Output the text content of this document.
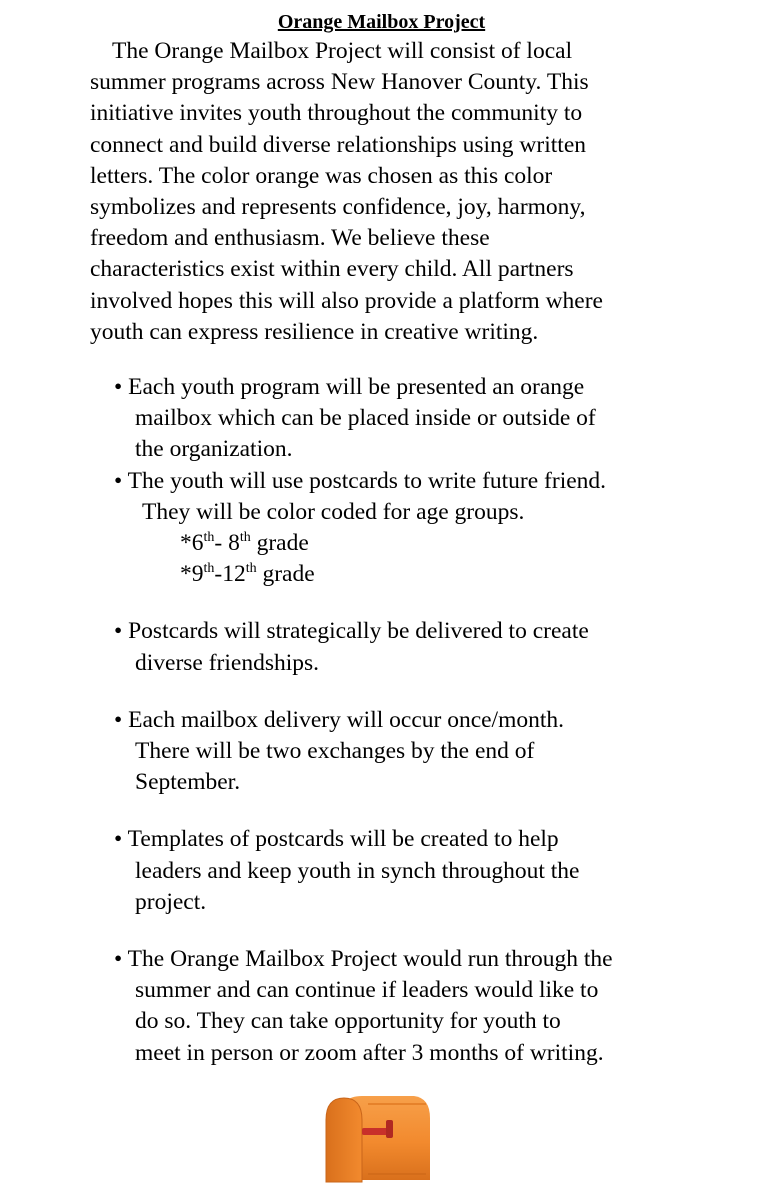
Orange Mailbox Project

The Orange Mailbox Project will consist of local
summer programs across New Hanover County. This
initiative invites youth throughout the community to
connect and build diverse relationships using written
letters. The color orange was chosen as this color
symbolizes and represents confidence, joy, harmony,
freedom and enthusiasm. We believe these
characteristics exist within every child. All partners
involved hopes this will also provide a platform where
youth can express resilience in creative writing.

• Each youth program will be presented an orange
mailbox which can be placed inside or outside of
the organization.
• The youth will use postcards to write future friend.
They will be color coded for age groups.
*6th- 8th grade
*9th-12th grade
• Postcards will strategically be delivered to create
diverse friendships.
• Each mailbox delivery will occur once/month.
There will be two exchanges by the end of
September.
• Templates of postcards will be created to help
leaders and keep youth in synch throughout the
project.
• The Orange Mailbox Project would run through the
summer and can continue if leaders would like to
do so. They can take opportunity for youth to
meet in person or zoom after 3 months of writing.
